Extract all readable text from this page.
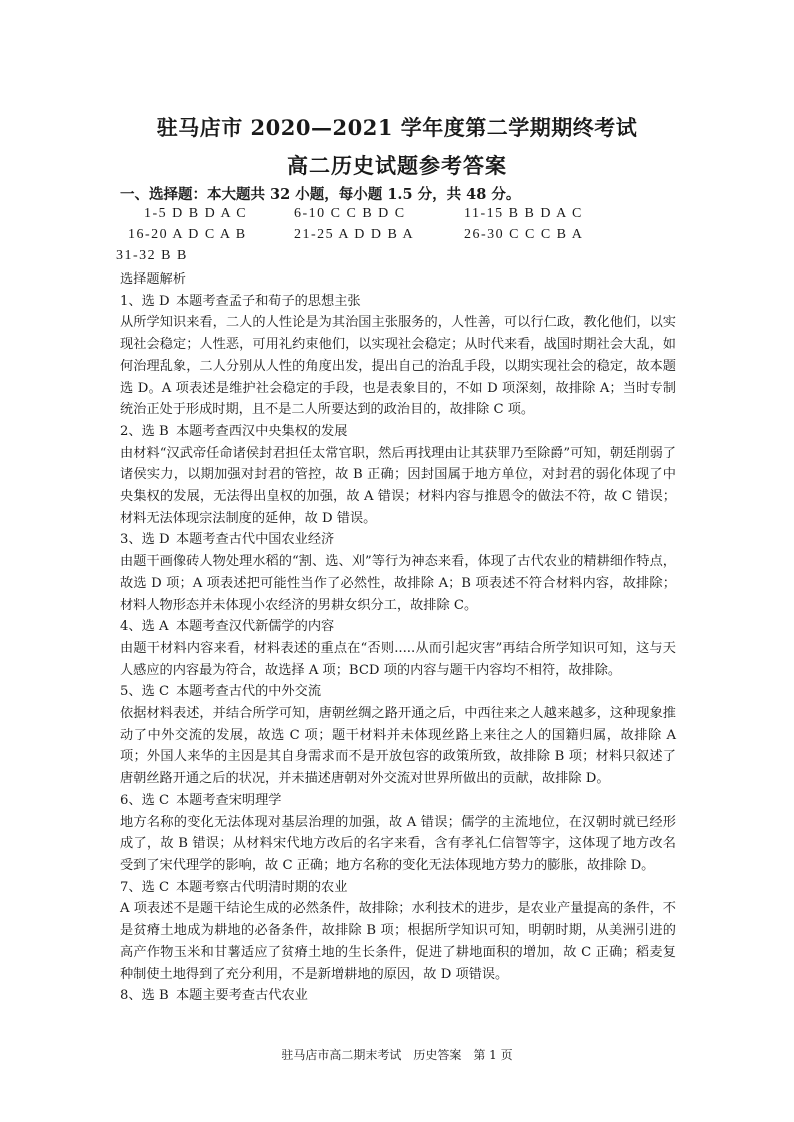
驻马店市 2020—2021 学年度第二学期期终考试
高二历史试题参考答案
一、选择题：本大题共 32 小题，每小题 1.5 分，共 48 分。
1-5 D B D A C	6-10 C C B D C	11-15 B B D A C
16-20 A D C A B	21-25 A D D B A	26-30 C C C B A
31-32 B B

选择题解析

1、选 D 本题考查孟子和荀子的思想主张

从所学知识来看，二人的人性论是为其治国主张服务的，人性善，可以行仁政，教化他们，以实现社会稳定；人性恶，可用礼约束他们，以实现社会稳定；从时代来看，战国时期社会大乱，如何治理乱象，二人分别从人性的角度出发，提出自己的治乱手段，以期实现社会的稳定，故本题选 D。A 项表述是维护社会稳定的手段，也是表象目的，不如 D 项深刻，故排除 A；当时专制统治正处于形成时期，且不是二人所要达到的政治目的，故排除 C 项。

2、选 B 本题考查西汉中央集权的发展

由材料“汉武帝任命诸侯封君担任太常官职，然后再找理由让其获罪乃至除爵”可知，朝廷削弱了诸侯实力，以期加强对封君的管控，故 B 正确；因封国属于地方单位，对封君的弱化体现了中央集权的发展，无法得出皇权的加强，故 A 错误；材料内容与推恩令的做法不符，故 C 错误；材料无法体现宗法制度的延伸，故 D 错误。

3、选 D 本题考查古代中国农业经济

由题干画像砖人物处理水稻的“割、选、刈”等行为神态来看，体现了古代农业的精耕细作特点，故选 D 项；A 项表述把可能性当作了必然性，故排除 A；B 项表述不符合材料内容，故排除；材料人物形态并未体现小农经济的男耕女织分工，故排除 C。

4、选 A 本题考查汉代新儒学的内容

由题干材料内容来看，材料表述的重点在“否则.....从而引起灾害”再结合所学知识可知，这与天人感应的内容最为符合，故选择 A 项；BCD 项的内容与题干内容均不相符，故排除。

5、选 C 本题考查古代的中外交流

依据材料表述，并结合所学可知，唐朝丝绸之路开通之后，中西往来之人越来越多，这种现象推动了中外交流的发展，故选 C 项；题干材料并未体现丝路上来往之人的国籍归属，故排除 A 项；外国人来华的主因是其自身需求而不是开放包容的政策所致，故排除 B 项；材料只叙述了唐朝丝路开通之后的状况，并未描述唐朝对外交流对世界所做出的贡献，故排除 D。

6、选 C 本题考查宋明理学

地方名称的变化无法体现对基层治理的加强，故 A 错误；儒学的主流地位，在汉朝时就已经形成了，故 B 错误；从材料宋代地方改后的名字来看，含有孝礼仁信智等字，这体现了地方改名受到了宋代理学的影响，故 C 正确；地方名称的变化无法体现地方势力的膨胀，故排除 D。

7、选 C 本题考察古代明清时期的农业

A 项表述不是题干结论生成的必然条件，故排除；水利技术的进步，是农业产量提高的条件，不是贫瘠土地成为耕地的必备条件，故排除 B 项；根据所学知识可知，明朝时期，从美洲引进的高产作物玉米和甘薯适应了贫瘠土地的生长条件，促进了耕地面积的增加，故 C 正确；稻麦复种制使土地得到了充分利用，不是新增耕地的原因，故 D 项错误。

8、选 B 本题主要考查古代农业

驻马店市高二期末考试　历史答案　第 1 页
